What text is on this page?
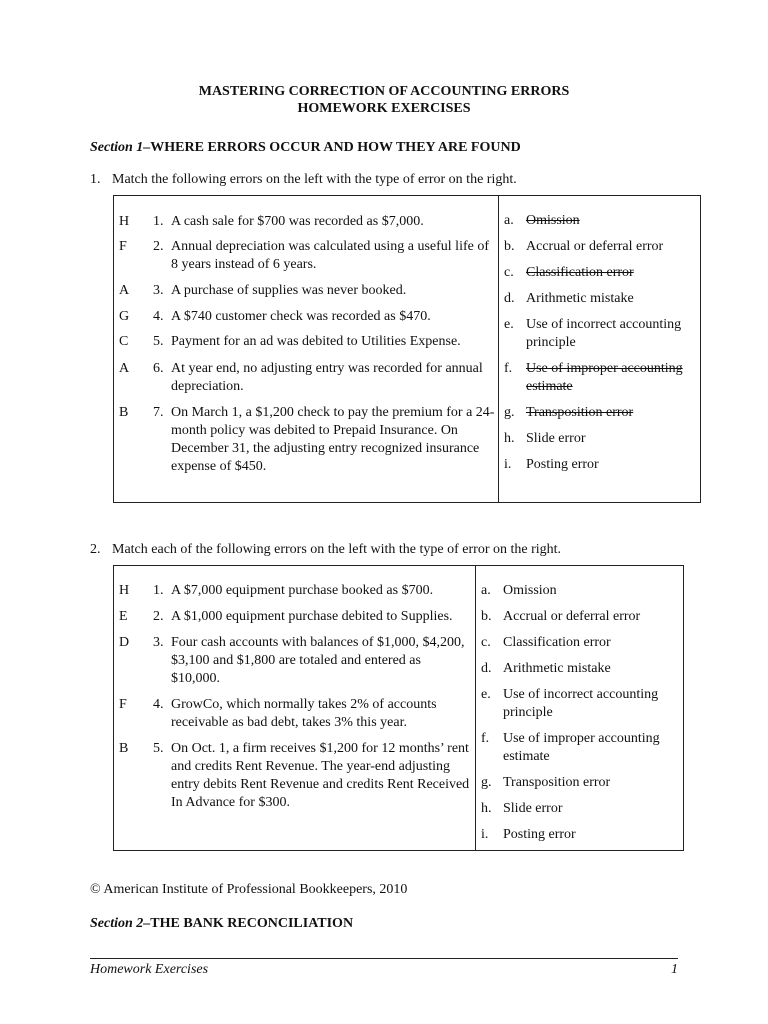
MASTERING CORRECTION OF ACCOUNTING ERRORS
HOMEWORK EXERCISES
Section 1–WHERE ERRORS OCCUR AND HOW THEY ARE FOUND
1. Match the following errors on the left with the type of error on the right.
H	1. A cash sale for $700 was recorded as $7,000.
F	2. Annual depreciation was calculated using a useful life of
8 years instead of 6 years.
A	3. A purchase of supplies was never booked.
G	4. A $740 customer check was recorded as $470.
C	5. Payment for an ad was debited to Utilities Expense.
A	6. At year end, no adjusting entry was recorded for annual
depreciation.
B	7. On March 1, a $1,200 check to pay the premium for a 24-
month policy was debited to Prepaid Insurance. On
December 31, the adjusting entry recognized insurance
expense of $450.
a. Omission
b. Accrual or deferral error
c. Classification error
d. Arithmetic mistake
e. Use of incorrect accounting
principle
f. Use of improper accounting
estimate
g. Transposition error
h. Slide error
i.	Posting error
2. Match each of the following errors on the left with the type of error on the right.
H	1. A $7,000 equipment purchase booked as $700.
E	2. A $1,000 equipment purchase debited to Supplies.
D	3. Four cash accounts with balances of $1,000, $4,200,
$3,100 and $1,800 are totaled and entered as
$10,000.
F	4. GrowCo, which normally takes 2% of accounts
receivable as bad debt, takes 3% this year.
B	5. On Oct. 1, a firm receives $1,200 for 12 months’ rent
and credits Rent Revenue. The year-end adjusting
entry debits Rent Revenue and credits Rent Received
In Advance for $300.
a. Omission
b. Accrual or deferral error
c. Classification error
d. Arithmetic mistake
e. Use of incorrect accounting
principle
f. Use of improper accounting
estimate
g. Transposition error
h. Slide error
i.	Posting error
© American Institute of Professional Bookkeepers, 2010
Section 2–THE BANK RECONCILIATION
Homework Exercises	1
